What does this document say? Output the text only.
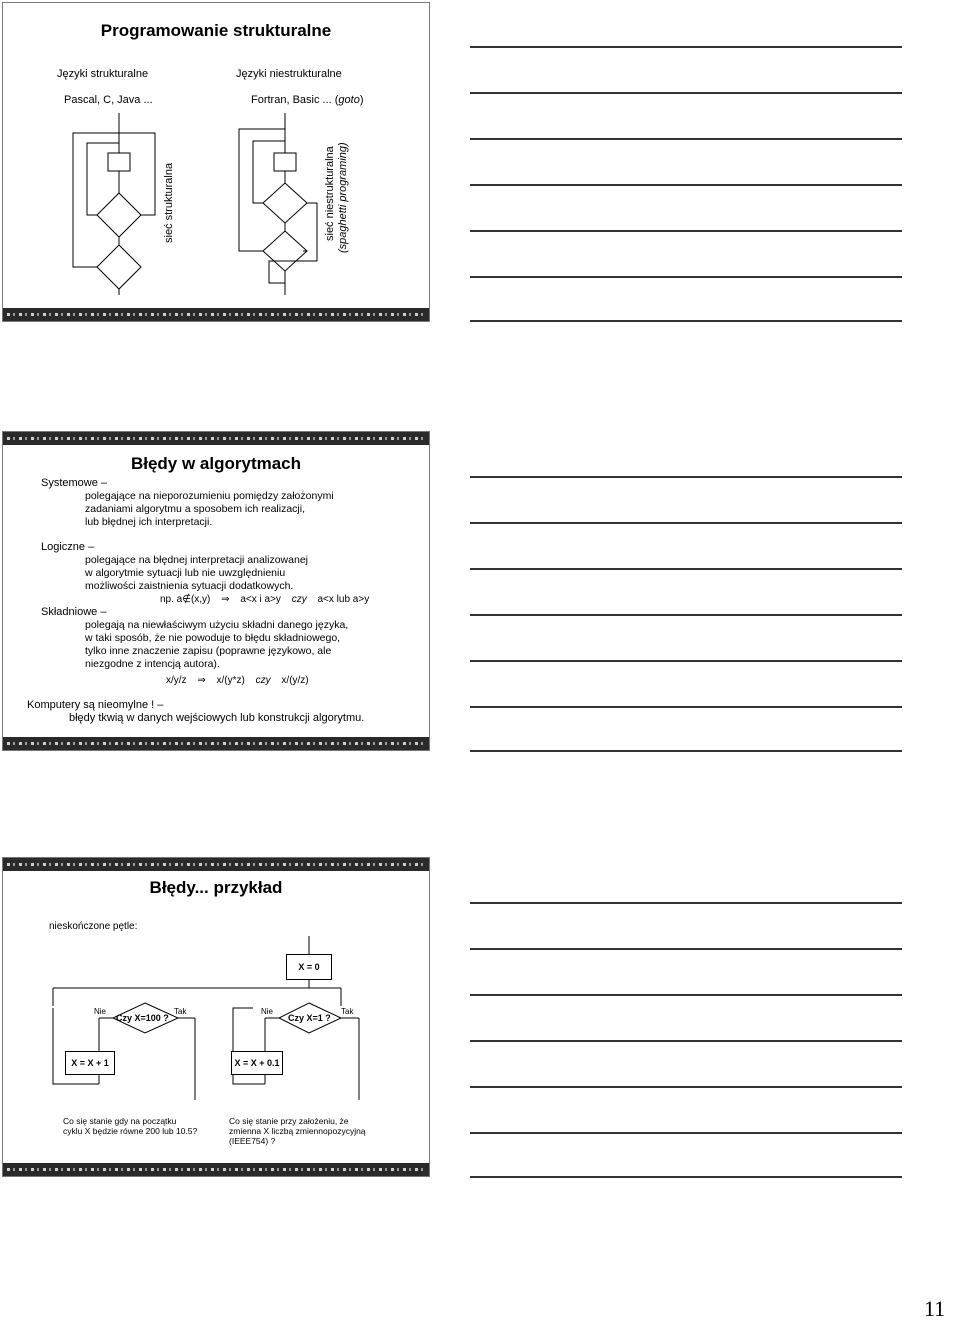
Programowanie strukturalne
Języki strukturalne	Języki niestrukturalne
Pascal, C, Java ...	Fortran, Basic ... (goto)
sieć strukturalna	sieć niestrukturalna (spaghetti programing)
Błędy w algorytmach
Systemowe –
polegające na nieporozumieniu pomiędzy założonymi
zadaniami algorytmu a sposobem ich realizacji,
lub błędnej ich interpretacji.
Logiczne –
polegające na błędnej interpretacji analizowanej
w algorytmie sytuacji lub nie uwzględnieniu
możliwości zaistnienia sytuacji dodatkowych.
np. a∉(x,y) ⇒ a<x i a>y czy a<x lub a>y
Składniowe –
polegają na niewłaściwym użyciu składni danego języka,
w taki sposób, że nie powoduje to błędu składniowego,
tylko inne znaczenie zapisu (poprawne językowo, ale
niezgodne z intencją autora).
x/y/z ⇒ x/(y*z) czy x/(y/z)
Komputery są nieomylne ! –
błędy tkwią w danych wejściowych lub konstrukcji algorytmu.
Błędy... przykład
nieskończone pętle:
X = 0
Czy X=100 ?	Czy X=1 ?
Nie	Tak	Nie	Tak
X = X + 1	X = X + 0.1
Co się stanie gdy na początku
cyklu X będzie równe 200 lub 10.5?
Co się stanie przy założeniu, że
zmienna X liczbą zmiennopozycyjną
(IEEE754) ?
11
